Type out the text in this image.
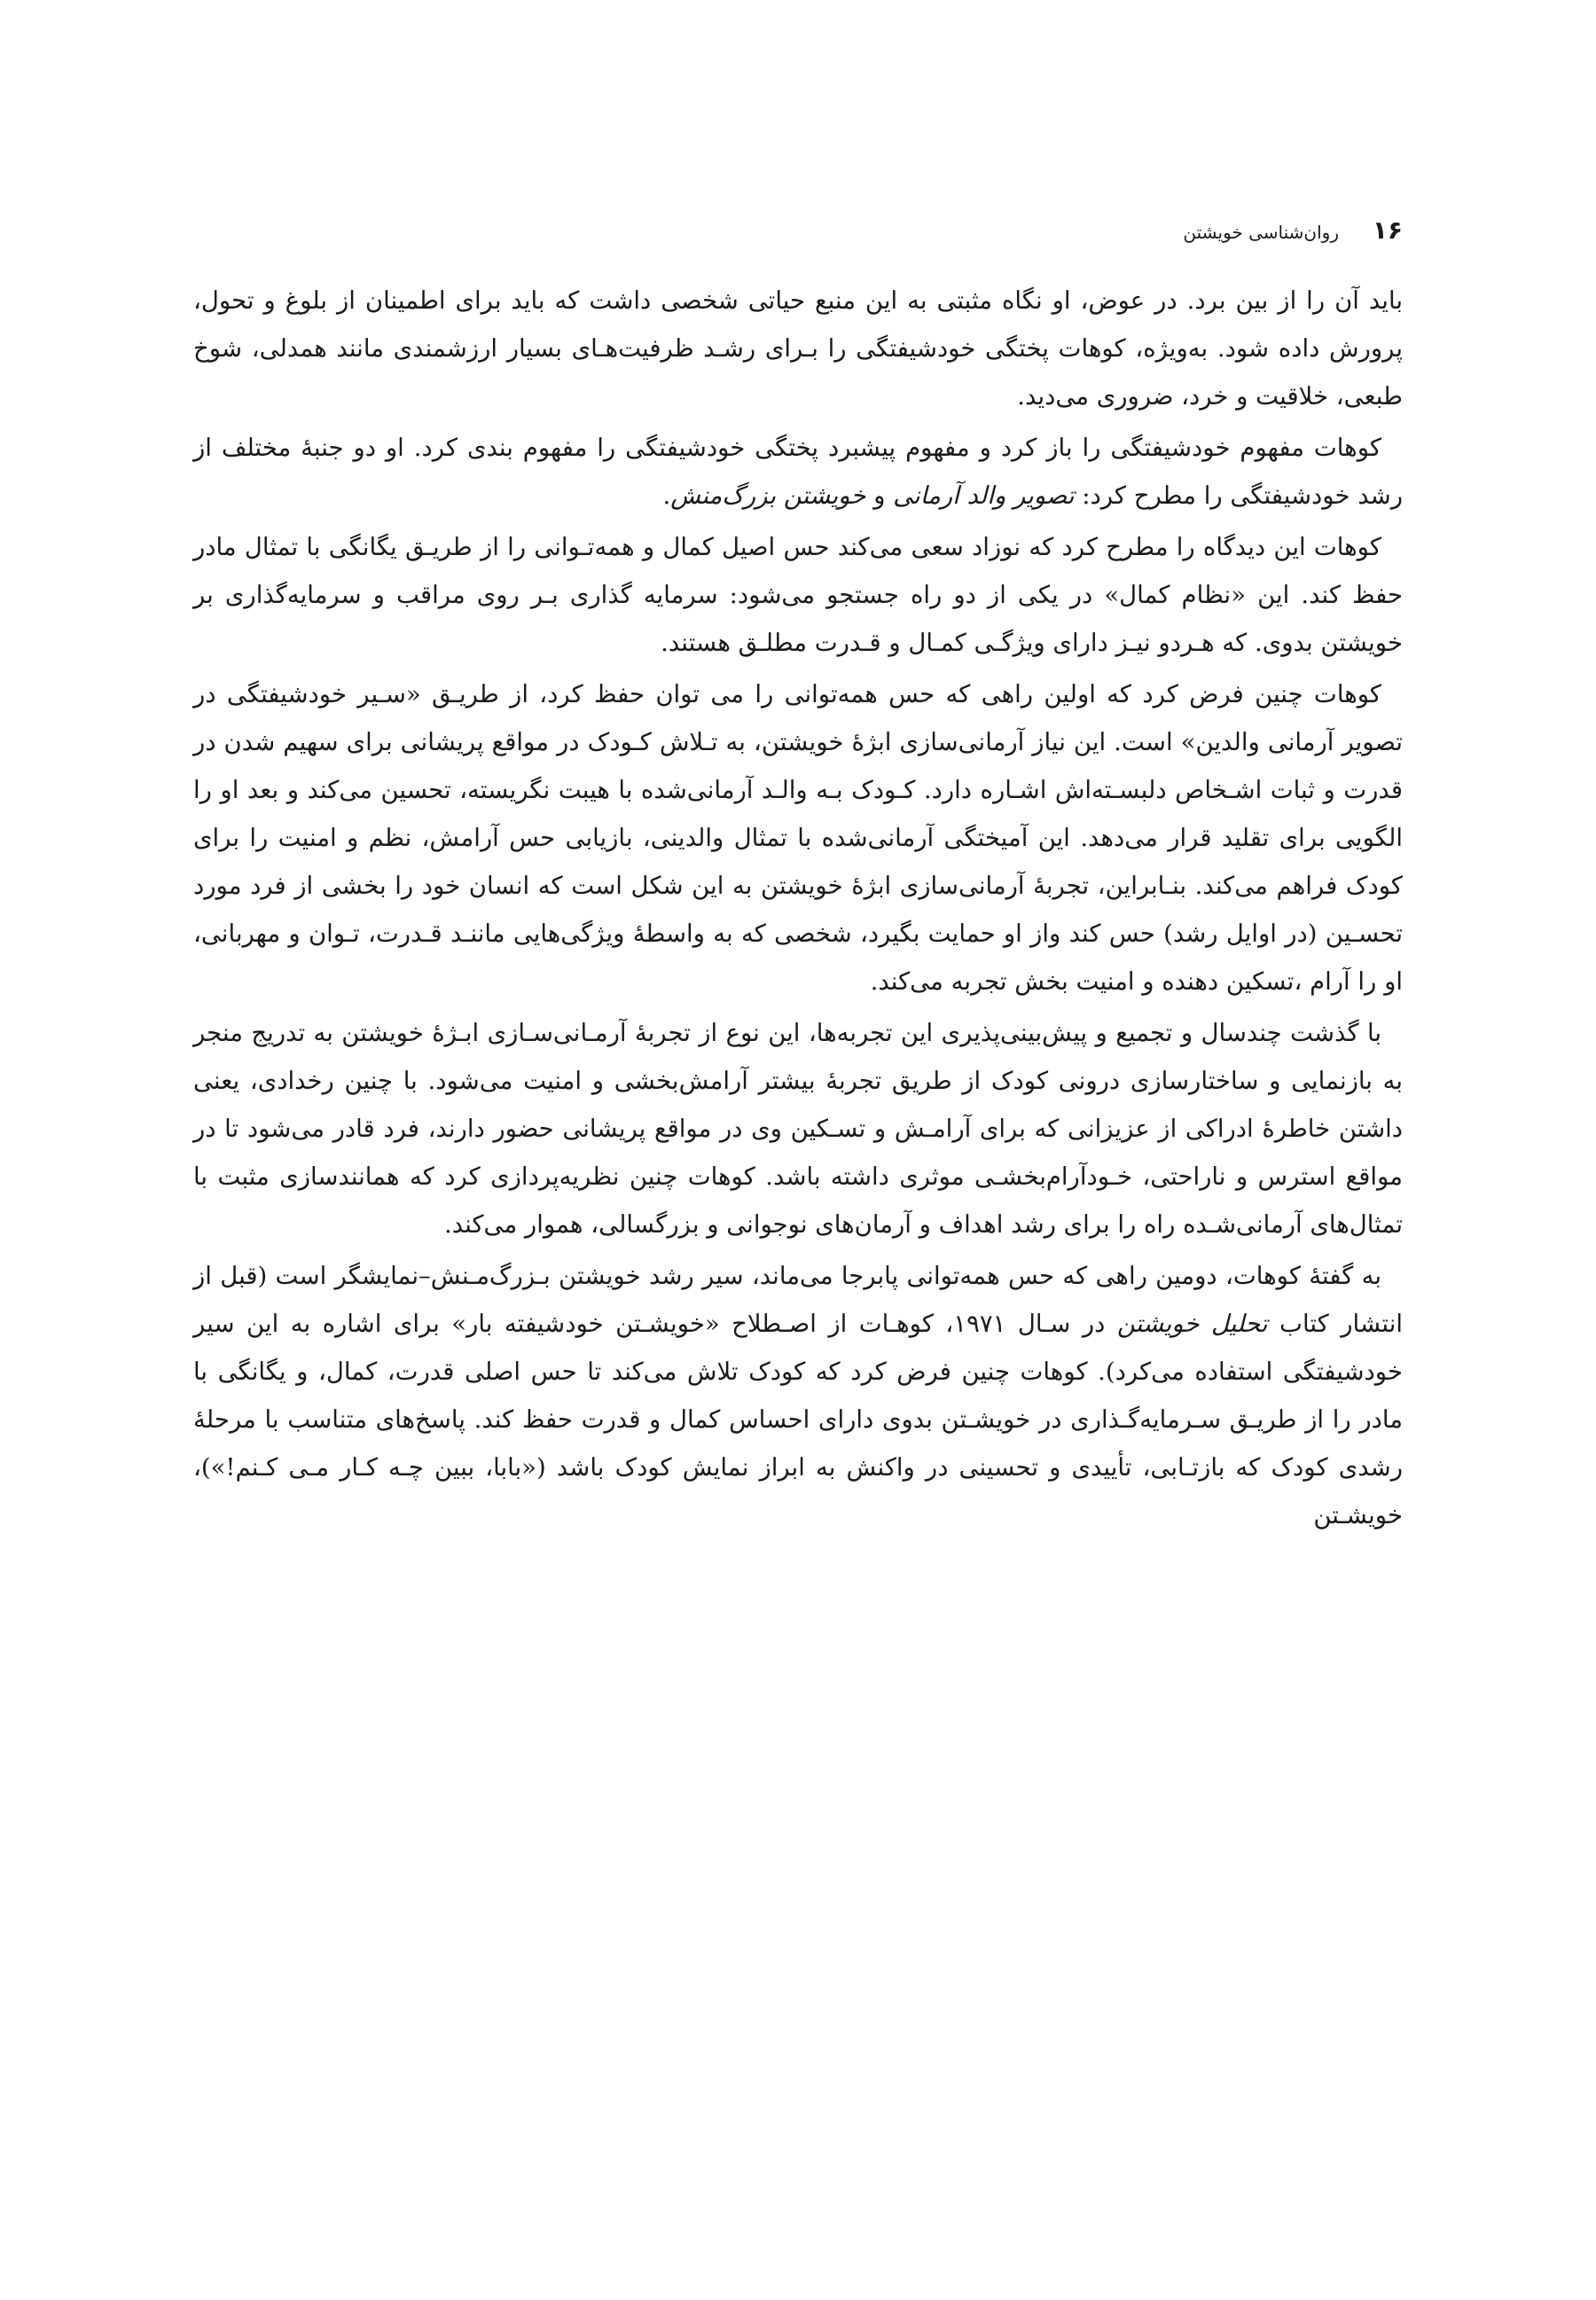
۱۶
روان‌شناسی خویشتن

باید آن را از بین برد. در عوض، او نگاه مثبتی به این منبع حیاتی شخصی داشت که باید برای اطمینان از بلوغ و تحول، پرورش داده شود. به‌ویژه، کوهات پختگی خودشیفتگی را بـرای رشـد ظرفیت‌هـای بسیار ارزشمندی مانند همدلی، شوخ طبعی، خلاقیت و خرد، ضروری می‌دید.

کوهات مفهوم خودشیفتگی را باز کرد و مفهوم پیشبرد پختگی خودشیفتگی را مفهوم بندی کرد. او دو جنبهٔ مختلف از رشد خودشیفتگی را مطرح کرد: تصویر والد آرمانی و خویشتن بزرگ‌منش.

کوهات این دیدگاه را مطرح کرد که نوزاد سعی می‌کند حس اصیل کمال و همه‌تـوانی را از طریـق یگانگی با تمثال مادر حفظ کند. این «نظام کمال» در یکی از دو راه جستجو می‌شود: سرمایه گذاری بـر روی مراقب و سرمایه‌گذاری بر خویشتن بدوی. که هـردو نیـز دارای ویژگـی کمـال و قـدرت مطلـق هستند.

کوهات چنین فرض کرد که اولین راهی که حس همه‌توانی را می توان حفظ کرد، از طریـق «سـیر خودشیفتگی در تصویر آرمانی والدین» است. این نیاز آرمانی‌سازی ابژهٔ خویشتن، به تـلاش کـودک در مواقع پریشانی برای سهیم شدن در قدرت و ثبات اشـخاص دلبسـته‌اش اشـاره دارد. کـودک بـه والـد آرمانی‌شده با هیبت نگریسته، تحسین می‌کند و بعد او را الگویی برای تقلید قرار می‌دهد. این آمیختگی آرمانی‌شده با تمثال والدینی، بازیابی حس آرامش، نظم و امنیت را برای کودک فراهم می‌کند. بنـابراین، تجربهٔ آرمانی‌سازی ابژهٔ خویشتن به این شکل است که انسان خود را بخشی از فرد مورد تحسـین (در اوایل رشد) حس کند واز او حمایت بگیرد، شخصی که به واسطهٔ ویژگی‌هایی ماننـد قـدرت، تـوان و مهربانی، او را آرام ،تسکین دهنده و امنیت بخش تجربه می‌کند.

با گذشت چندسال و تجمیع و پیش‌بینی‌پذیری این تجربه‌ها، این نوع از تجربهٔ آرمـانی‌سـازی ابـژهٔ خویشتن به تدریج منجر به بازنمایی و ساختارسازی درونی کودک از طریق تجربهٔ بیشتر آرامش‌بخشی و امنیت می‌شود. با چنین رخدادی، یعنی داشتن خاطرهٔ ادراکی از عزیزانی که برای آرامـش و تسـکین وی در مواقع پریشانی حضور دارند، فرد قادر می‌شود تا در مواقع استرس و ناراحتی، خـودآرام‌بخشـی موثری داشته باشد. کوهات چنین نظریه‌پردازی کرد که همانندسازی مثبت با تمثال‌های آرمانی‌شـده راه را برای رشد اهداف و آرمان‌های نوجوانی و بزرگسالی، هموار می‌کند.

به گفتهٔ کوهات، دومین راهی که حس همه‌توانی پابرجا می‌ماند، سیر رشد خویشتن بـزرگ‌مـنش–نمایشگر است (قبل از انتشار کتاب تحلیل خویشتن در سـال ۱۹۷۱، کوهـات از اصـطلاح «خویشـتن خودشیفته بار» برای اشاره به این سیر خودشیفتگی استفاده می‌کرد). کوهات چنین فرض کرد که کودک تلاش می‌کند تا حس اصلی قدرت، کمال، و یگانگی با مادر را از طریـق سـرمایه‌گـذاری در خویشـتن بدوی دارای احساس کمال و قدرت حفظ کند. پاسخ‌های متناسب با مرحلهٔ رشدی کودک که بازتـابی، تأییدی و تحسینی در واکنش به ابراز نمایش کودک باشد («بابا، ببین چـه کـار مـی کـنم!»)، خویشـتن
